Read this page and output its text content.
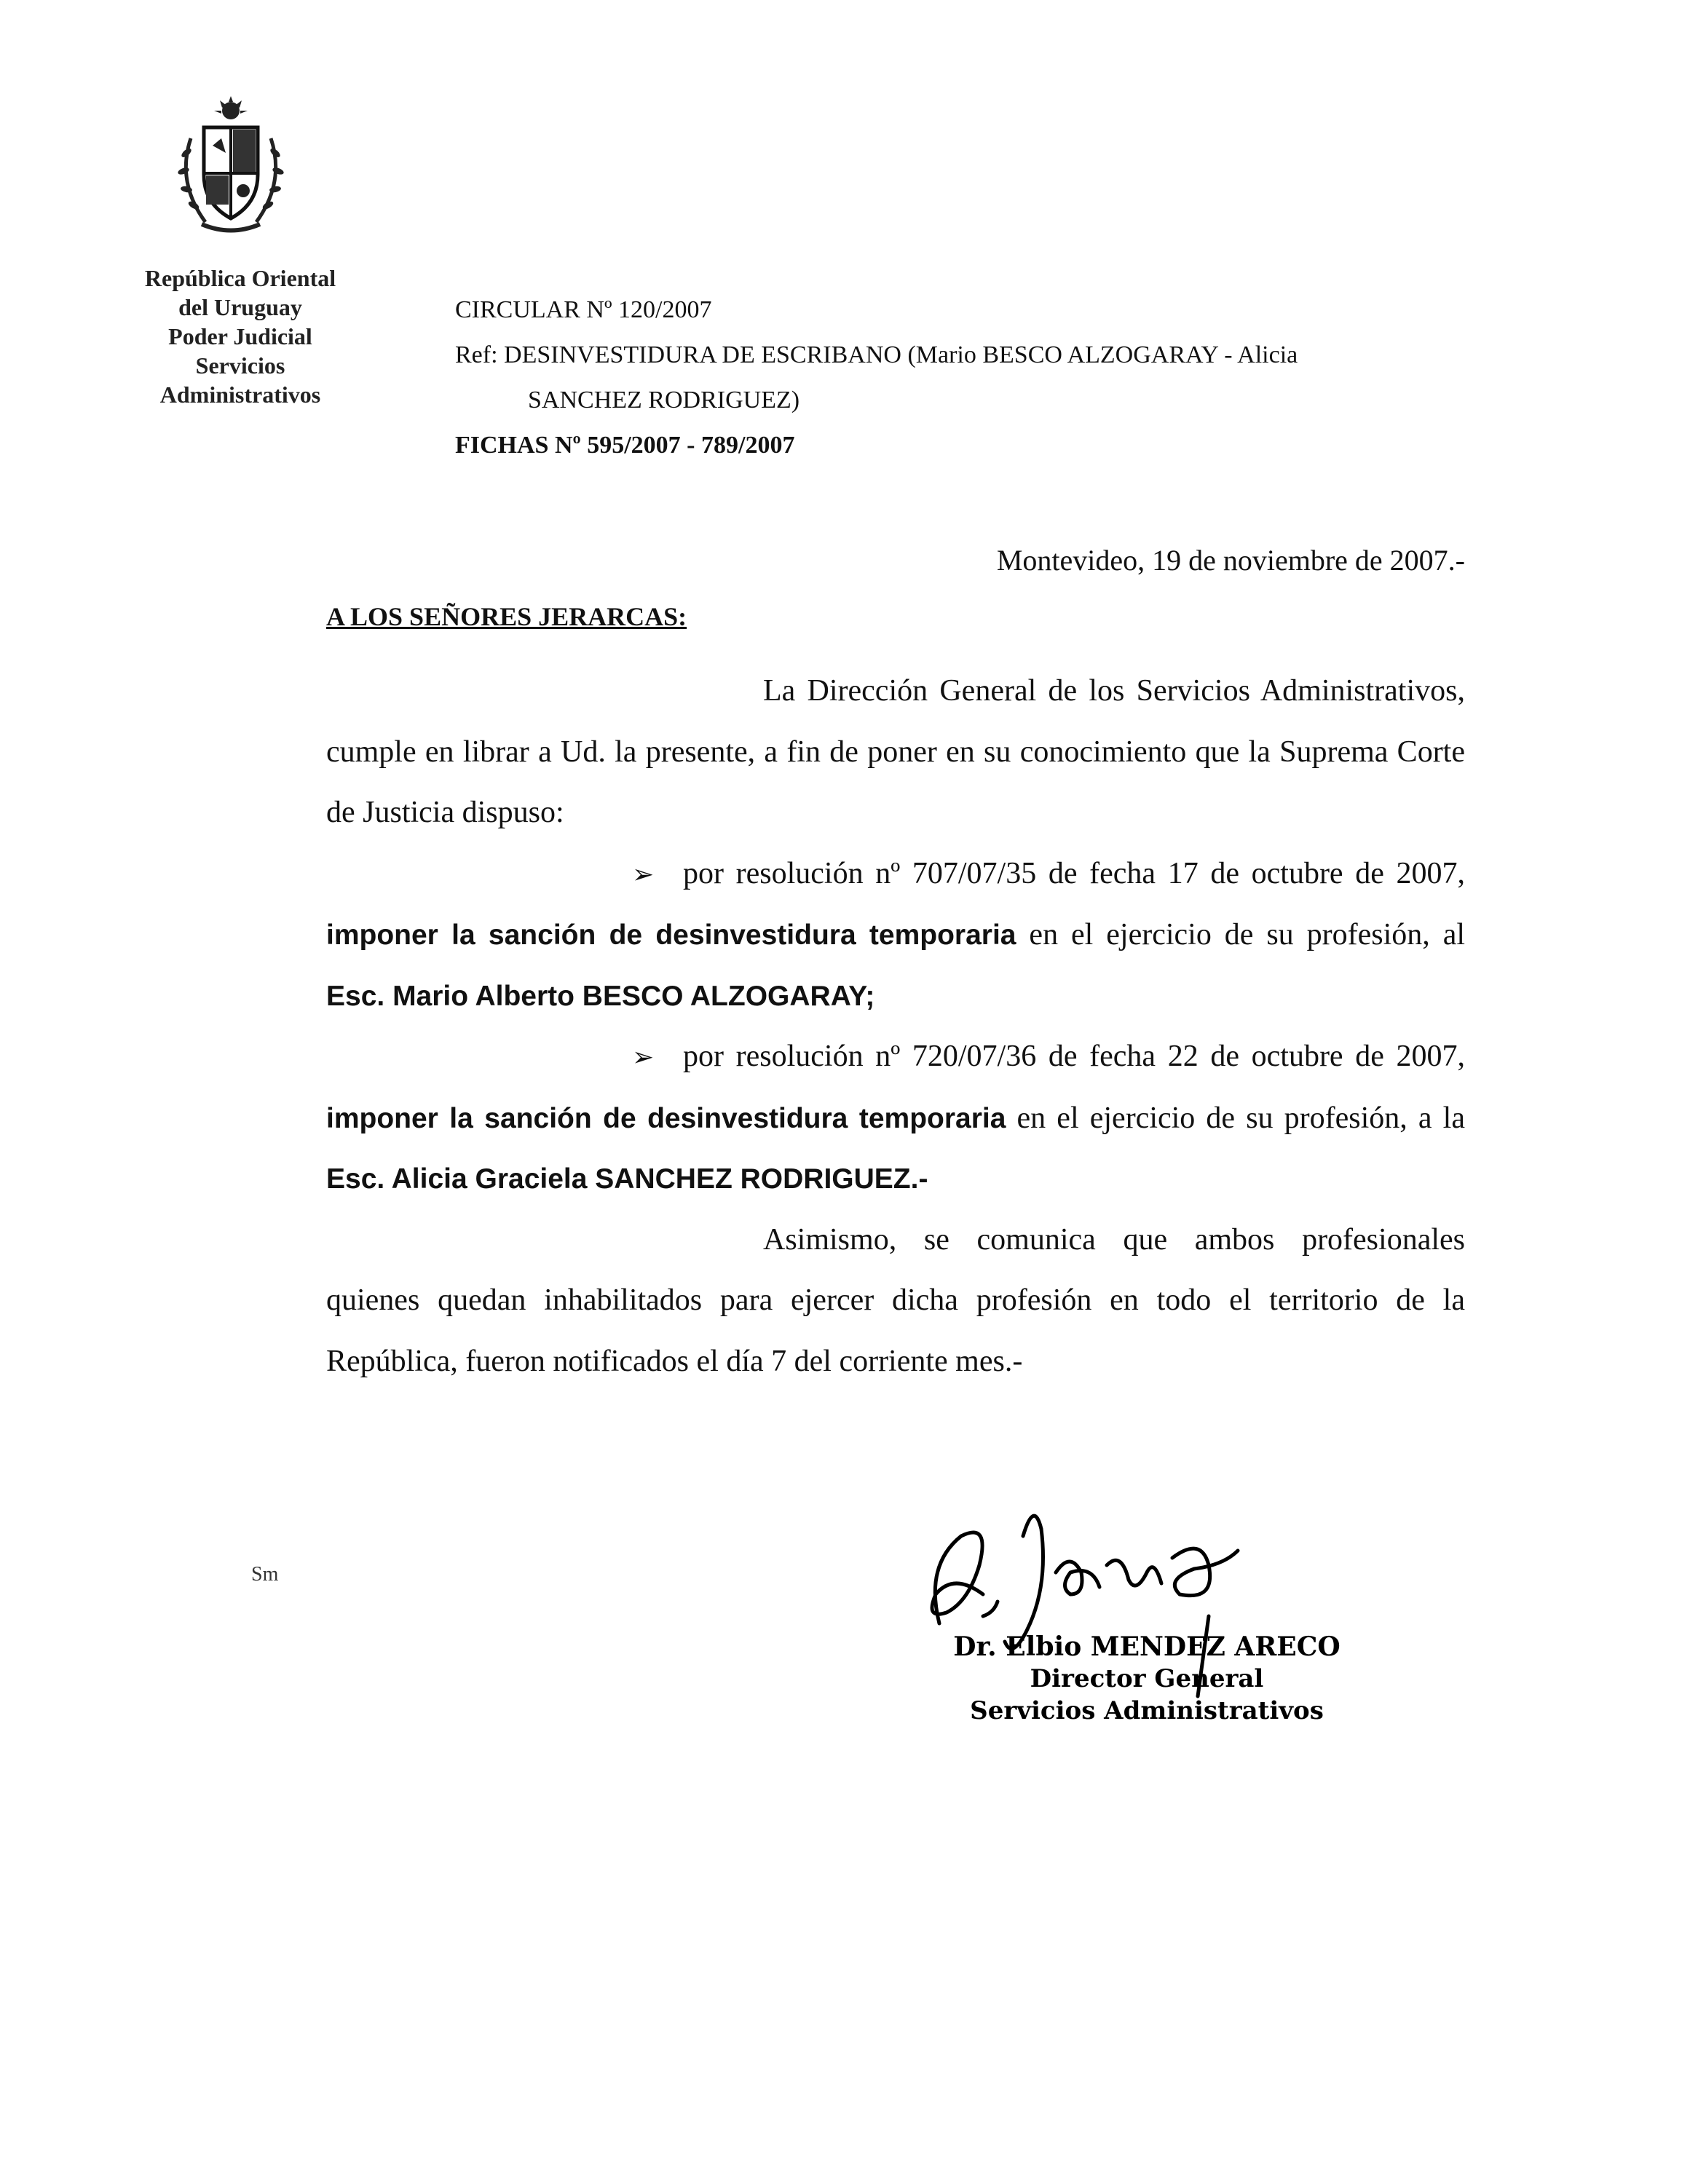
República Oriental
del Uruguay
Poder Judicial
Servicios
Administrativos
CIRCULAR Nº 120/2007
Ref: DESINVESTIDURA DE ESCRIBANO (Mario BESCO ALZOGARAY - Alicia
SANCHEZ RODRIGUEZ)
FICHAS Nº 595/2007 - 789/2007
Montevideo, 19 de noviembre de 2007.-
A LOS SEÑORES JERARCAS:

La Dirección General de los Servicios Administrativos, cumple en librar a Ud. la presente, a fin de poner en su conocimiento que la Suprema Corte de Justicia dispuso:

➢ por resolución nº 707/07/35 de fecha 17 de octubre de 2007, imponer la sanción de desinvestidura temporaria en el ejercicio de su profesión, al Esc. Mario Alberto BESCO ALZOGARAY;

➢ por resolución nº 720/07/36 de fecha 22 de octubre de 2007, imponer la sanción de desinvestidura temporaria en el ejercicio de su profesión, a la Esc. Alicia Graciela SANCHEZ RODRIGUEZ.-

Asimismo, se comunica que ambos profesionales quienes quedan inhabilitados para ejercer dicha profesión en todo el territorio de la República, fueron notificados el día 7 del corriente mes.-

Sm
Dr. Elbio MENDEZ ARECO
Director General
Servicios Administrativos
